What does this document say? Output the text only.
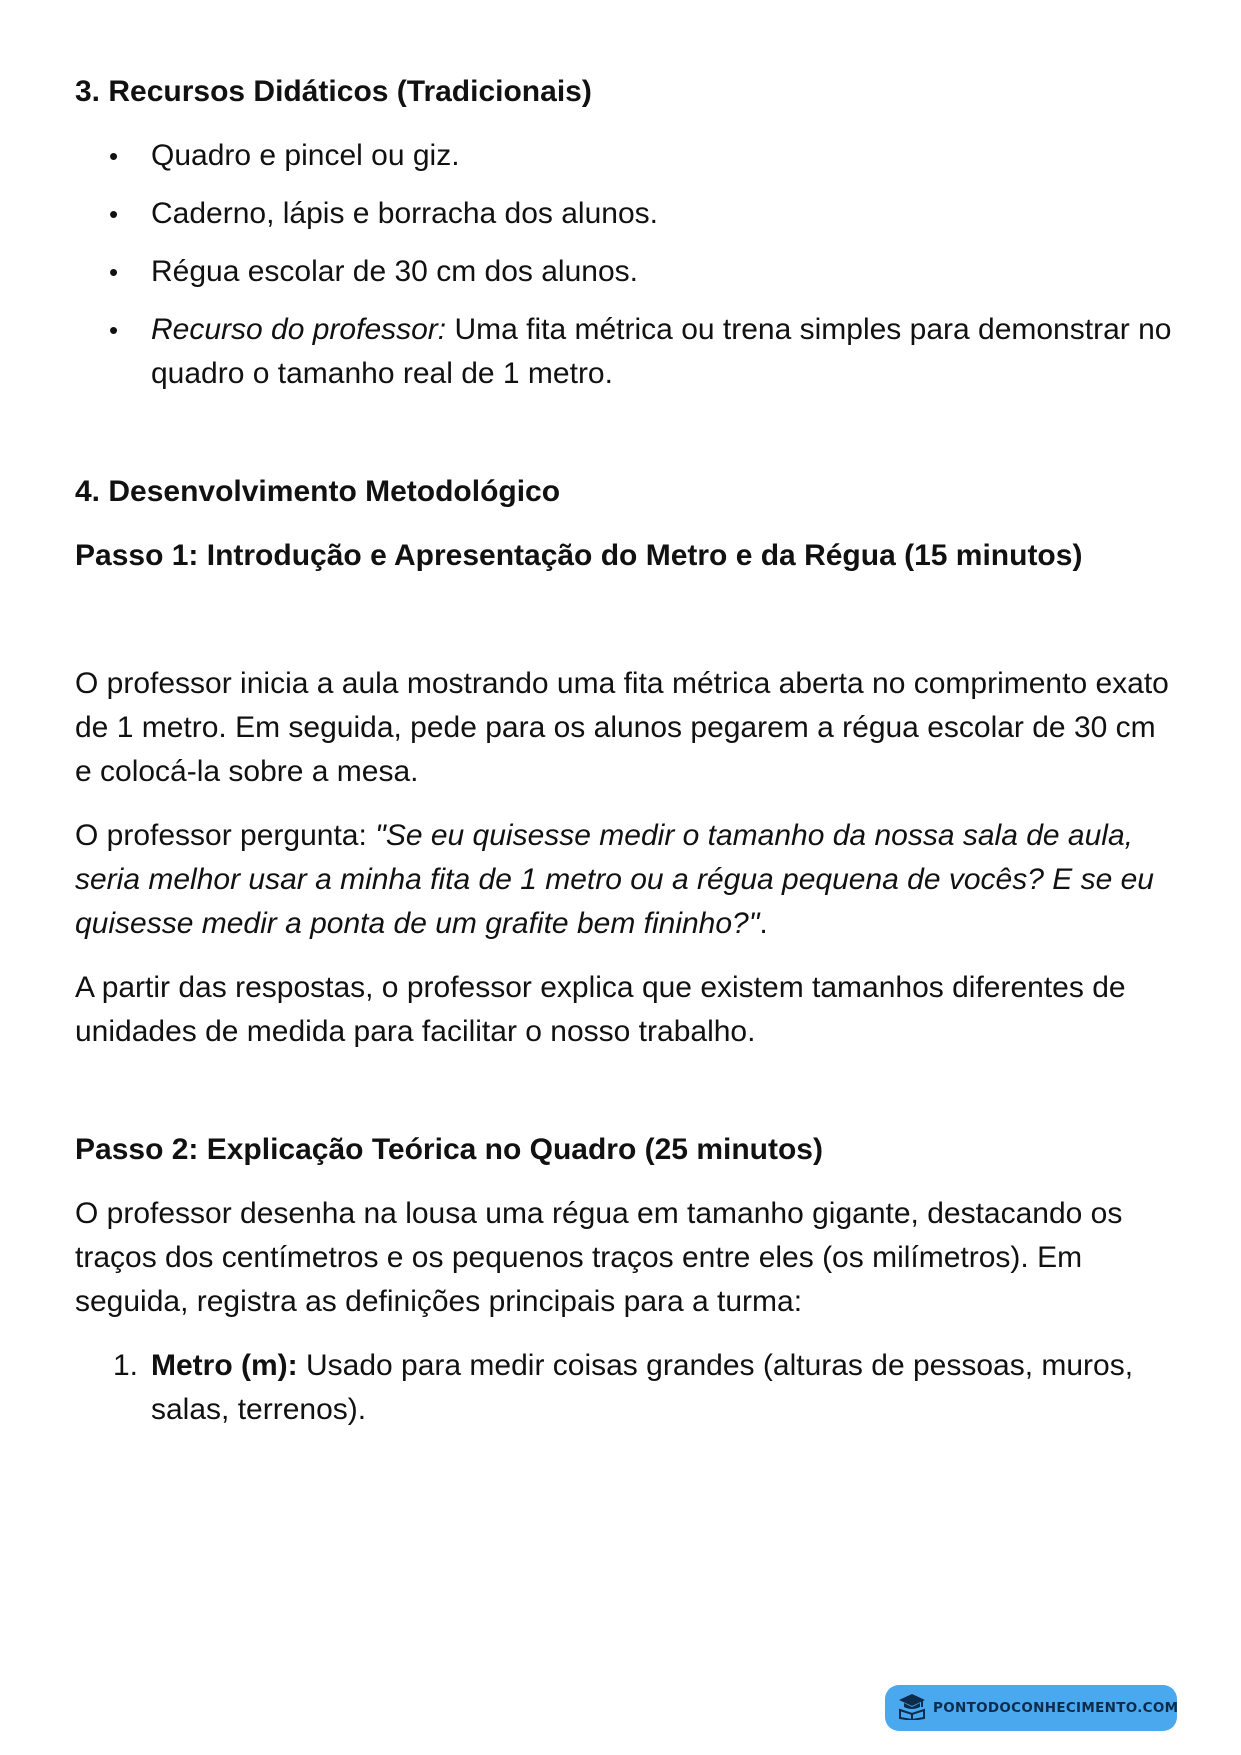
3. Recursos Didáticos (Tradicionais)
• Quadro e pincel ou giz.
• Caderno, lápis e borracha dos alunos.
• Régua escolar de 30 cm dos alunos.
• Recurso do professor: Uma fita métrica ou trena simples para demonstrar no quadro o tamanho real de 1 metro.
4. Desenvolvimento Metodológico
Passo 1: Introdução e Apresentação do Metro e da Régua (15 minutos)

O professor inicia a aula mostrando uma fita métrica aberta no comprimento exato de 1 metro. Em seguida, pede para os alunos pegarem a régua escolar de 30 cm e colocá-la sobre a mesa.

O professor pergunta: "Se eu quisesse medir o tamanho da nossa sala de aula, seria melhor usar a minha fita de 1 metro ou a régua pequena de vocês? E se eu quisesse medir a ponta de um grafite bem fininho?".

A partir das respostas, o professor explica que existem tamanhos diferentes de unidades de medida para facilitar o nosso trabalho.

Passo 2: Explicação Teórica no Quadro (25 minutos)

O professor desenha na lousa uma régua em tamanho gigante, destacando os traços dos centímetros e os pequenos traços entre eles (os milímetros). Em seguida, registra as definições principais para a turma:

1. Metro (m): Usado para medir coisas grandes (alturas de pessoas, muros, salas, terrenos).
PONTODOCONHECIMENTO.COM
